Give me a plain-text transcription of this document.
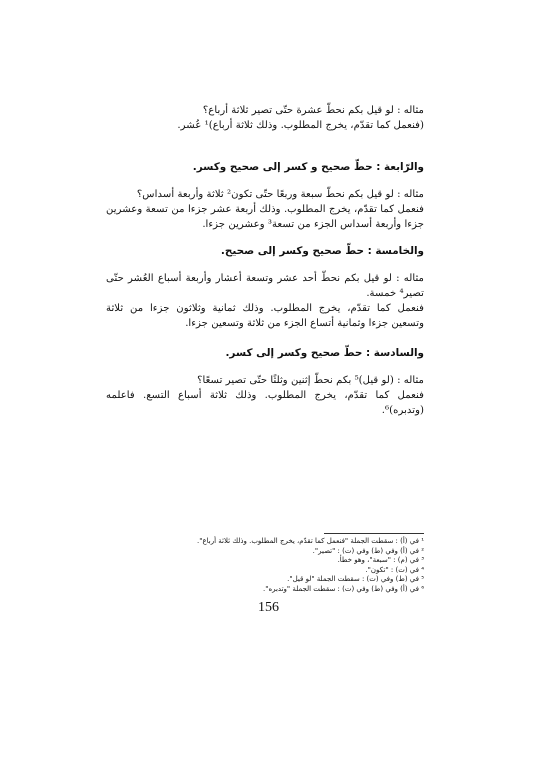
مثاله : لو قيل بكم نحطّ عشرة حتّى تصير ثلاثة أرباع؟

(فنعمل كما تقدّم، يخرج المطلوب. وذلك ثلاثة أرباع)¹ عُشر.

والرّابعة : حطّ صحيح و كسر إلى صحيح وكسر.

مثاله : لو قيل بكم نحطّ سبعة وربعًا حتّى تكون² ثلاثة وأربعة أسداس؟

فنعمل كما تقدّم، يخرج المطلوب. وذلك أربعة عشر جزءا من تسعة وعشرين جزءا وأربعة أسداس الجزء من تسعة³ وعشرين جزءا.

والخامسة : حطّ صحيح وكسر إلى صحيح.

مثاله : لو قيل بكم نحطّ أحد عشر وتسعة أعشار وأربعة أسباع العُشر حتّى تصير⁴ خمسة.

فنعمل كما تقدّم، يخرج المطلوب. وذلك ثمانية وثلاثون جزءا من ثلاثة وتسعين جزءا وثمانية أتساع الجزء من ثلاثة وتسعين جزءا.

والسادسة : حطّ صحيح وكسر إلى كسر.

مثاله : (لو قيل)⁵ بكم نحطّ إثنين وثلثًا حتّى تصير تسعًا؟

فنعمل كما تقدّم، يخرج المطلوب. وذلك ثلاثة أسباع التسع. فاعلمه (وتدبره)⁶.

¹ في (أ) : سقطت الجملة "فنعمل كما تقدّم، يخرج المطلوب. وذلك ثلاثة أرباع".

² في (أ) وفي (ط) وفي (ت) : "تصير".

³ في (م) : "سبعة"، وهو خطأ.

⁴ في (ت) : "تكون".

⁵ في (ط) وفي (ت) : سقطت الجملة "لو قيل".

⁶ في (أ) وفي (ط) وفي (ت) : سقطت الجملة "وتدبره".

156
